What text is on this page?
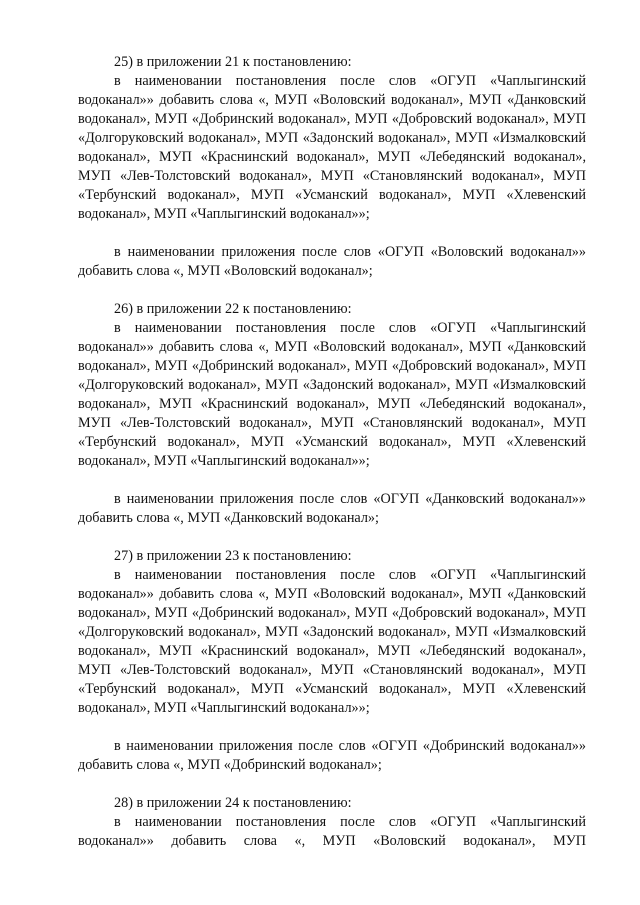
25) в приложении 21 к постановлению:

в наименовании постановления после слов «ОГУП «Чаплыгинский водоканал»» добавить слова «, МУП «Воловский водоканал», МУП «Данковский водоканал», МУП «Добринский водоканал», МУП «Добровский водоканал», МУП «Долгоруковский водоканал», МУП «Задонский водоканал», МУП «Измалковский водоканал», МУП «Краснинский водоканал», МУП «Лебедянский водоканал», МУП «Лев-Толстовский водоканал», МУП «Становлянский водоканал», МУП «Тербунский водоканал», МУП «Усманский водоканал», МУП «Хлевенский водоканал», МУП «Чаплыгинский водоканал»»;

в наименовании приложения после слов «ОГУП «Воловский водоканал»» добавить слова «, МУП «Воловский водоканал»;

26) в приложении 22 к постановлению:

в наименовании постановления после слов «ОГУП «Чаплыгинский водоканал»» добавить слова «, МУП «Воловский водоканал», МУП «Данковский водоканал», МУП «Добринский водоканал», МУП «Добровский водоканал», МУП «Долгоруковский водоканал», МУП «Задонский водоканал», МУП «Измалковский водоканал», МУП «Краснинский водоканал», МУП «Лебедянский водоканал», МУП «Лев-Толстовский водоканал», МУП «Становлянский водоканал», МУП «Тербунский водоканал», МУП «Усманский водоканал», МУП «Хлевенский водоканал», МУП «Чаплыгинский водоканал»»;

в наименовании приложения после слов «ОГУП «Данковский водоканал»» добавить слова «, МУП «Данковский водоканал»;

27) в приложении 23 к постановлению:

в наименовании постановления после слов «ОГУП «Чаплыгинский водоканал»» добавить слова «, МУП «Воловский водоканал», МУП «Данковский водоканал», МУП «Добринский водоканал», МУП «Добровский водоканал», МУП «Долгоруковский водоканал», МУП «Задонский водоканал», МУП «Измалковский водоканал», МУП «Краснинский водоканал», МУП «Лебедянский водоканал», МУП «Лев-Толстовский водоканал», МУП «Становлянский водоканал», МУП «Тербунский водоканал», МУП «Усманский водоканал», МУП «Хлевенский водоканал», МУП «Чаплыгинский водоканал»»;

в наименовании приложения после слов «ОГУП «Добринский водоканал»» добавить слова «, МУП «Добринский водоканал»;

28) в приложении 24 к постановлению:

в наименовании постановления после слов «ОГУП «Чаплыгинский водоканал»» добавить слова «, МУП «Воловский водоканал», МУП
